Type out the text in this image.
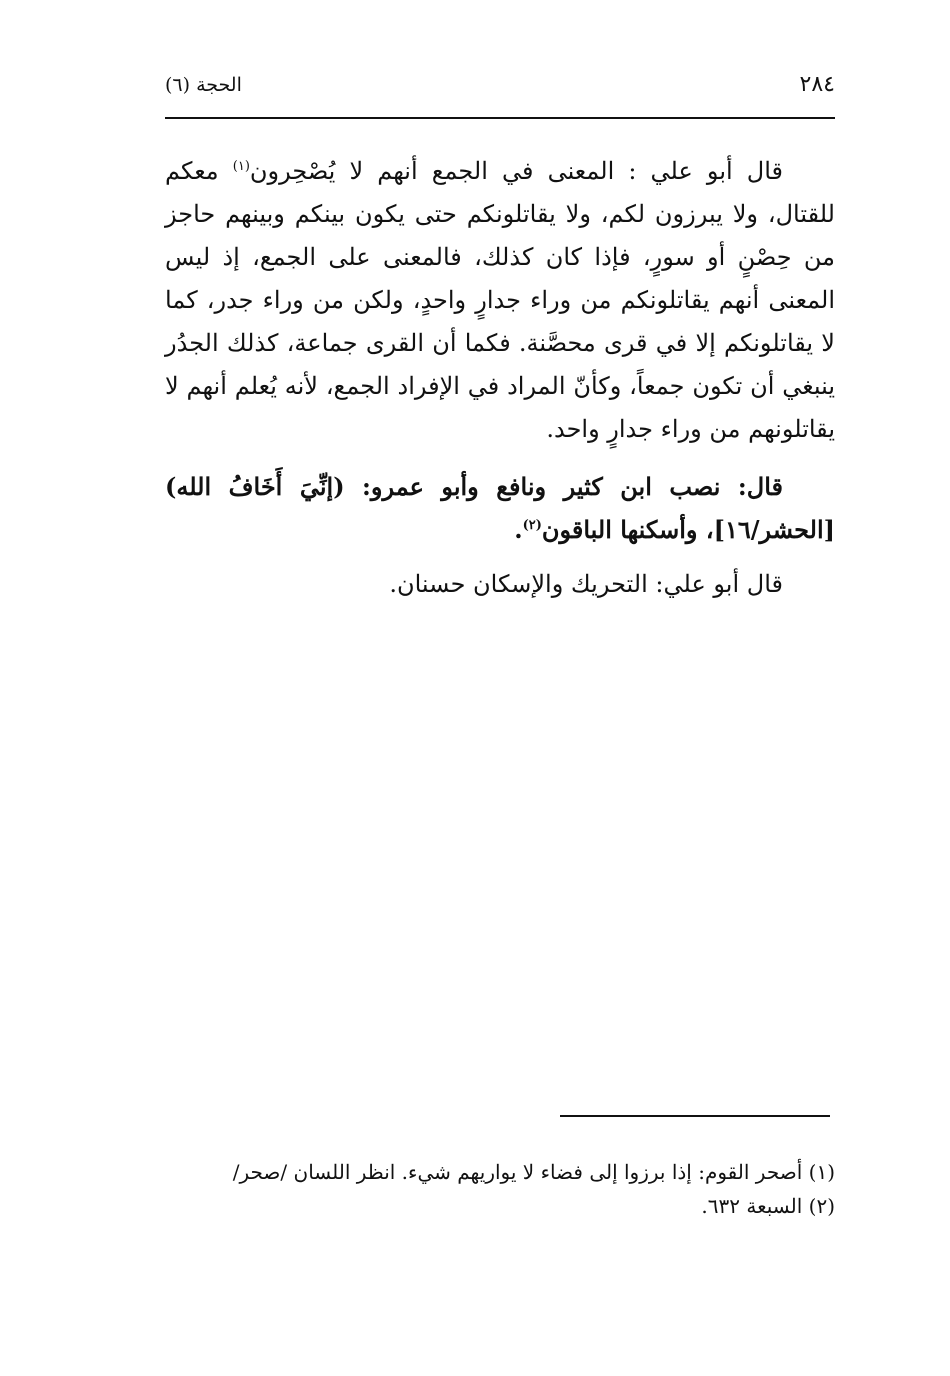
٢٨٤
الحجة (٦)

قال أبو علي : المعنى في الجمع أنهم لا يُصْحِرون$^{(١)}$ معكم للقتال، ولا يبرزون لكم، ولا يقاتلونكم حتى يكون بينكم وبينهم حاجز من حِصْنٍ أو سورٍ، فإذا كان كذلك، فالمعنى على الجمع، إذ ليس المعنى أنهم يقاتلونكم من وراء جدارٍ واحدٍ، ولكن من وراء جدر، كما لا يقاتلونكم إلا في قرى محصَّنة. فكما أن القرى جماعة، كذلك الجدُر ينبغي أن تكون جمعاً، وكأنّ المراد في الإفراد الجمع، لأنه يُعلم أنهم لا يقاتلونهم من وراء جدارٍ واحد.

قال: نصب ابن كثير ونافع وأبو عمرو: (إنِّيَ أَخَافُ الله) [الحشر/١٦]، وأسكنها الباقون$^{(٢)}$.

قال أبو علي: التحريك والإسكان حسنان.

(١) أصحر القوم: إذا برزوا إلى فضاء لا يواريهم شيء. انظر اللسان /صحر/

(٢) السبعة ٦٣٢.
